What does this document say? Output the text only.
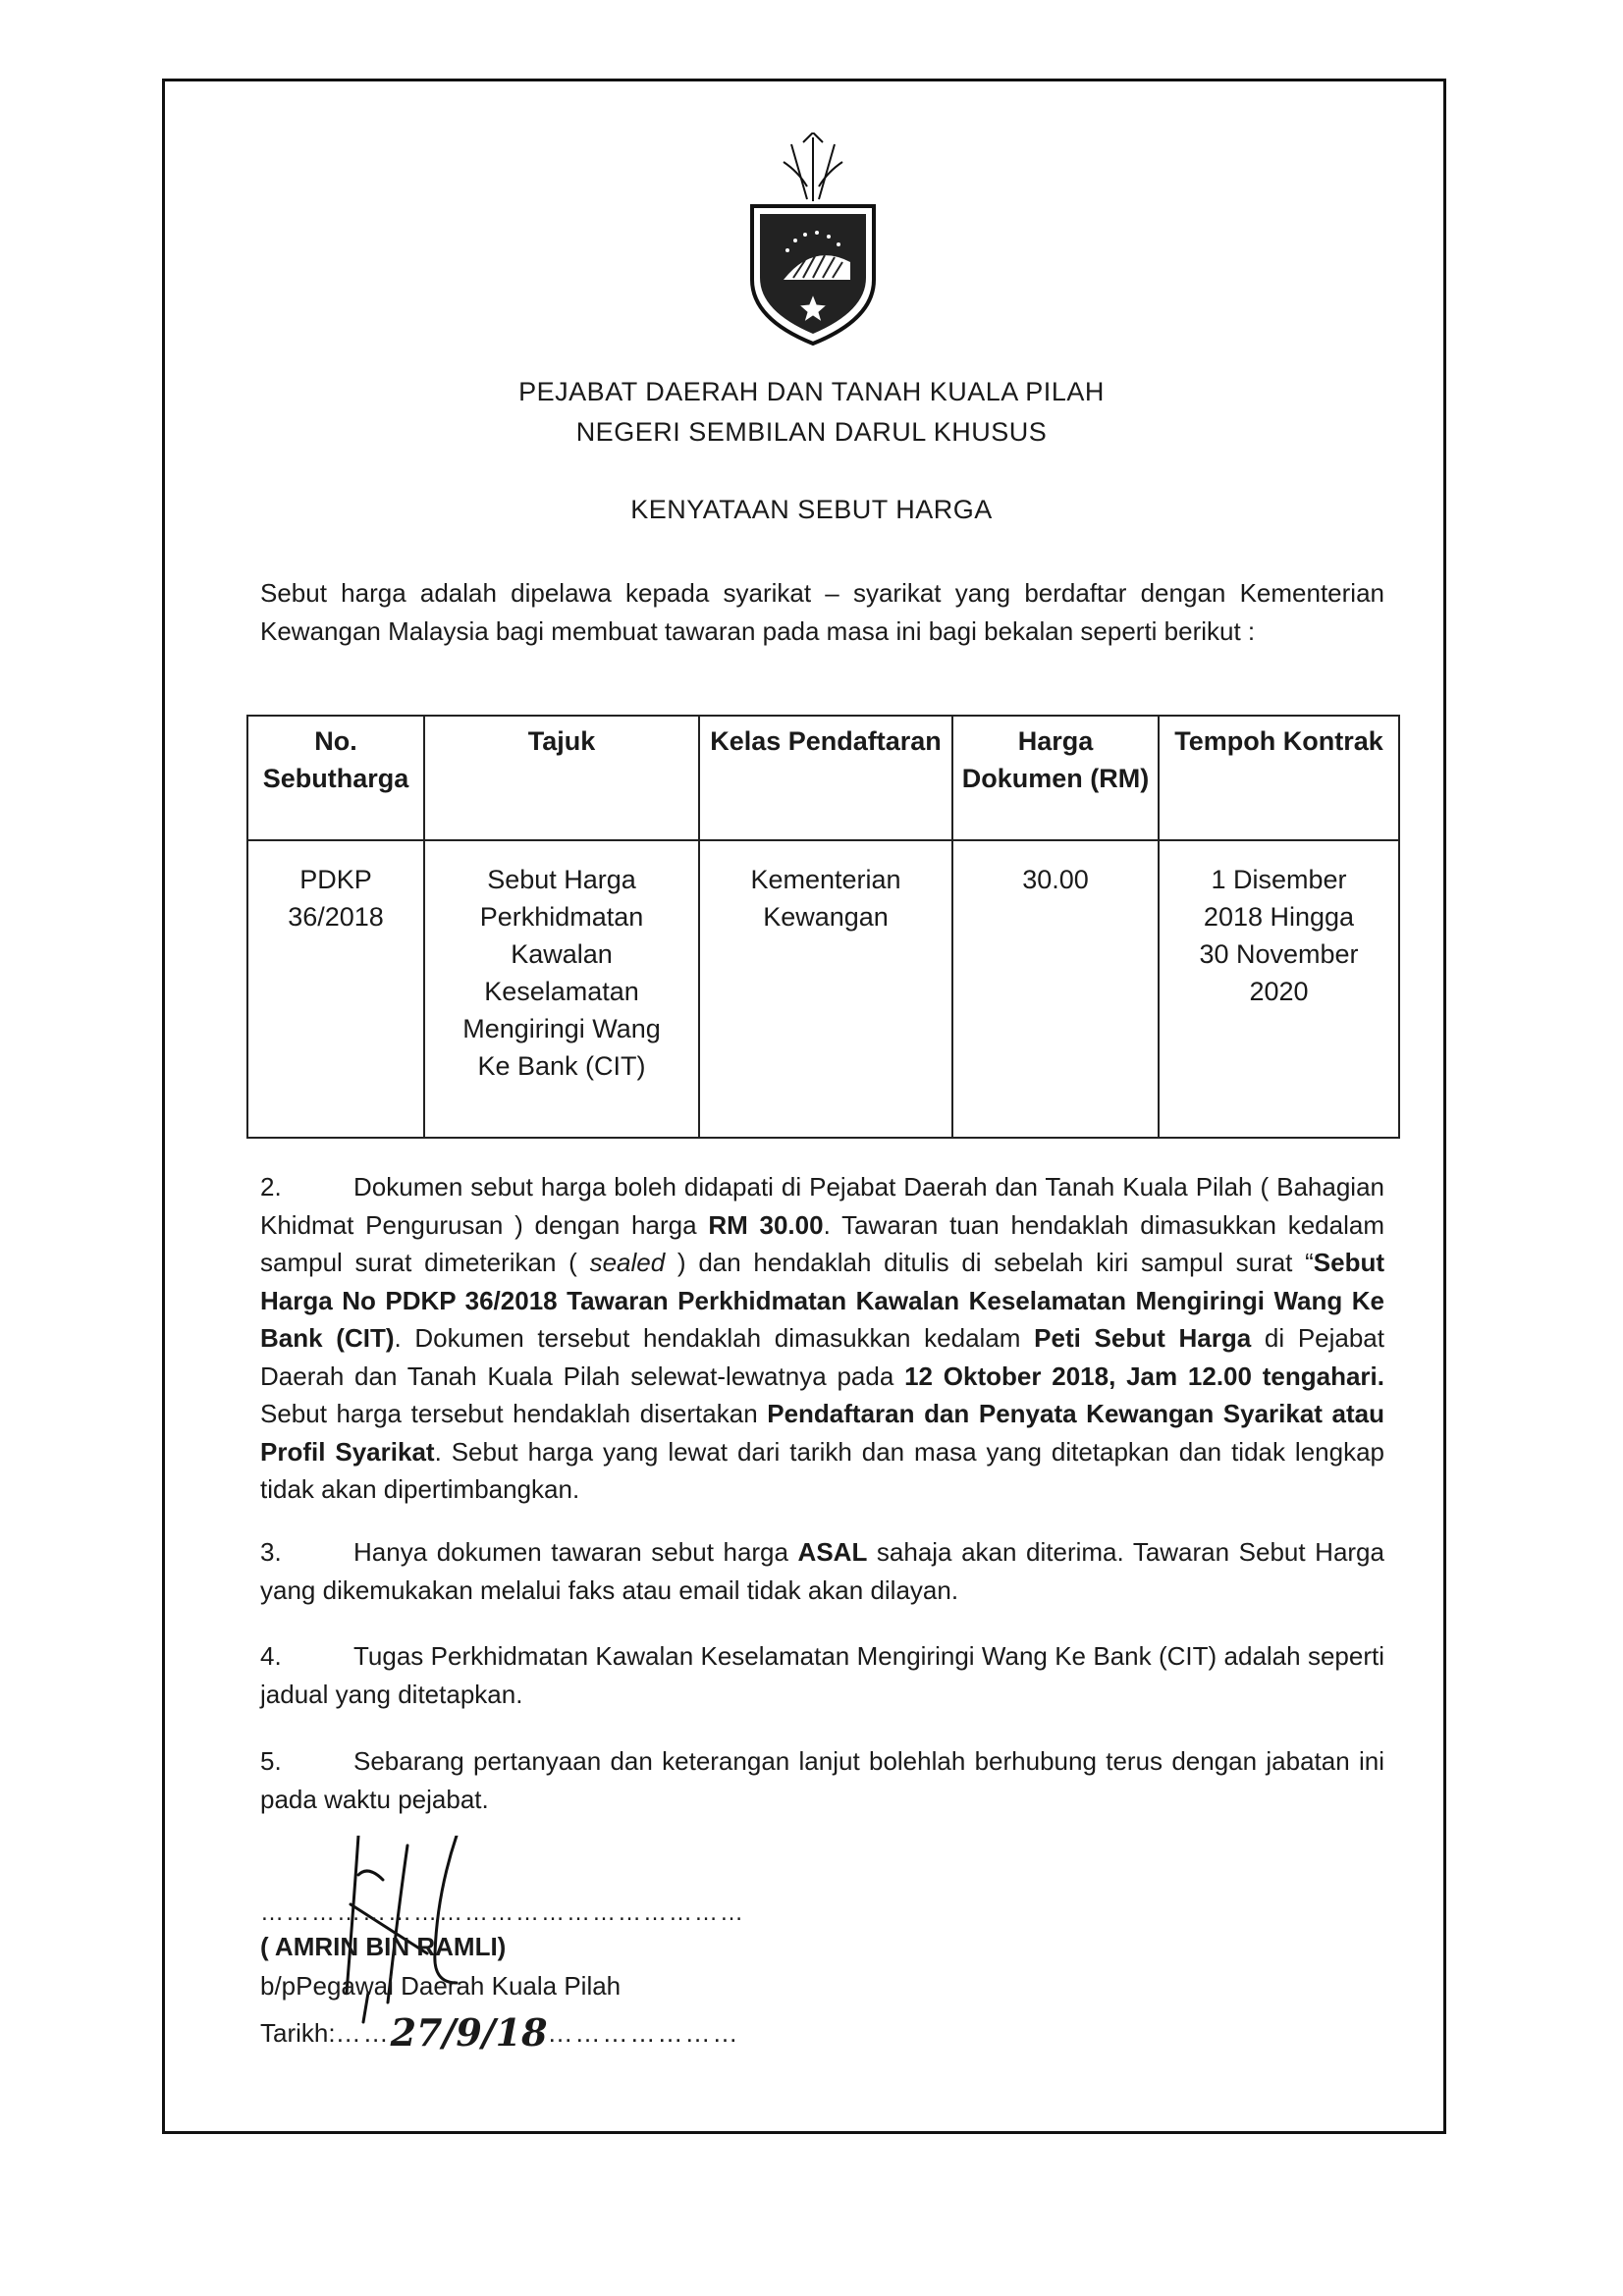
PEJABAT DAERAH DAN TANAH KUALA PILAH
NEGERI SEMBILAN DARUL KHUSUS
KENYATAAN SEBUT HARGA
Sebut harga adalah dipelawa kepada syarikat – syarikat yang berdaftar dengan Kementerian Kewangan Malaysia bagi membuat tawaran pada masa ini bagi bekalan seperti berikut :
No. Sebutharga	Tajuk	Kelas Pendaftaran	Harga Dokumen (RM)	Tempoh Kontrak
PDKP 36/2018	Sebut Harga Perkhidmatan Kawalan Keselamatan Mengiringi Wang Ke Bank (CIT)	Kementerian Kewangan	30.00	1 Disember 2018 Hingga 30 November 2020
2.	Dokumen sebut harga boleh didapati di Pejabat Daerah dan Tanah Kuala Pilah ( Bahagian Khidmat Pengurusan ) dengan harga RM 30.00. Tawaran tuan hendaklah dimasukkan kedalam sampul surat dimeterikan ( sealed ) dan hendaklah ditulis di sebelah kiri sampul surat “Sebut Harga No PDKP 36/2018 Tawaran Perkhidmatan Kawalan Keselamatan Mengiringi Wang Ke Bank (CIT). Dokumen tersebut hendaklah dimasukkan kedalam Peti Sebut Harga di Pejabat Daerah dan Tanah Kuala Pilah selewat-lewatnya pada 12 Oktober 2018, Jam 12.00 tengahari. Sebut harga tersebut hendaklah disertakan Pendaftaran dan Penyata Kewangan Syarikat atau Profil Syarikat. Sebut harga yang lewat dari tarikh dan masa yang ditetapkan dan tidak lengkap tidak akan dipertimbangkan.
3.	Hanya dokumen tawaran sebut harga ASAL sahaja akan diterima. Tawaran Sebut Harga yang dikemukakan melalui faks atau email tidak akan dilayan.
4.	Tugas Perkhidmatan Kawalan Keselamatan Mengiringi Wang Ke Bank (CIT) adalah seperti jadual yang ditetapkan.
5.	Sebarang pertanyaan dan keterangan lanjut bolehlah berhubung terus dengan jabatan ini pada waktu pejabat.
…………………………………………………
( AMRIN BIN RAMLI)
b/pPegawai Daerah Kuala Pilah
Tarikh:……27/9/18…………………
